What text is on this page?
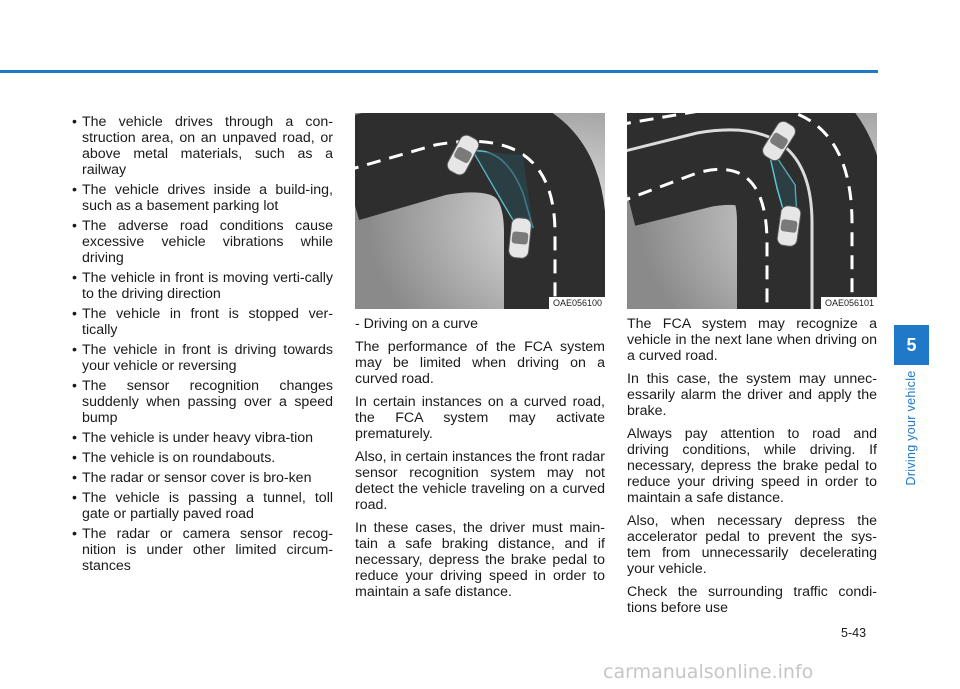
• The vehicle drives through a con-struction area, on an unpaved road, or above metal materials, such as a railway
• The vehicle drives inside a build-ing, such as a basement parking lot
• The adverse road conditions cause excessive vehicle vibrations while driving
• The vehicle in front is moving verti-cally to the driving direction
• The vehicle in front is stopped ver-tically
• The vehicle in front is driving towards your vehicle or reversing
• The sensor recognition changes suddenly when passing over a speed bump
• The vehicle is under heavy vibra-tion
• The vehicle is on roundabouts.
• The radar or sensor cover is bro-ken
• The vehicle is passing a tunnel, toll gate or partially paved road
• The radar or camera sensor recog-nition is under other limited circum-stances
OAE056100	OAE056101

- Driving on a curve

The performance of the FCA system may be limited when driving on a curved road.

In certain instances on a curved road, the FCA system may activate prematurely.

Also, in certain instances the front radar sensor recognition system may not detect the vehicle traveling on a curved road.

In these cases, the driver must main-tain a safe braking distance, and if necessary, depress the brake pedal to reduce your driving speed in order to maintain a safe distance.

The FCA system may recognize a vehicle in the next lane when driving on a curved road.

In this case, the system may unnec-essarily alarm the driver and apply the brake.

Always pay attention to road and driving conditions, while driving. If necessary, depress the brake pedal to reduce your driving speed in order to maintain a safe distance.

Also, when necessary depress the accelerator pedal to prevent the sys-tem from unnecessarily decelerating your vehicle.

Check the surrounding traffic condi-tions before use

5
Driving your vehicle
5-43
carmanualsonline.info
